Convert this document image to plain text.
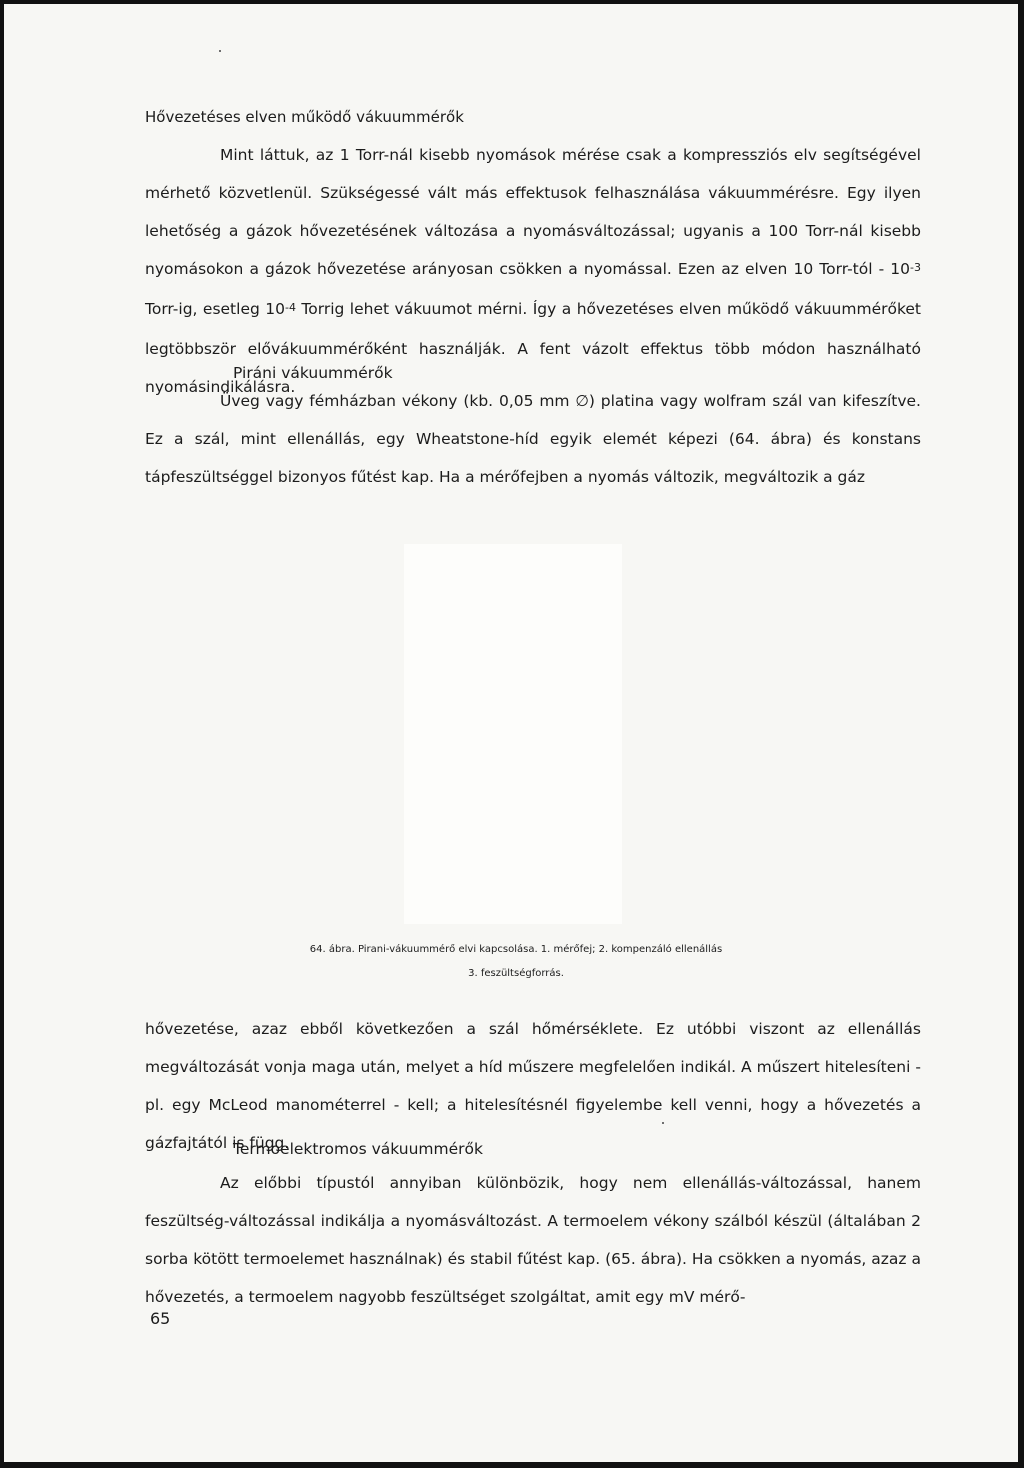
Hővezetéses elven működő vákuummérők

Mint láttuk, az 1 Torr-nál kisebb nyomások mérése csak a kompressziós elv segítségével mérhető közvetlenül. Szükségessé vált más effektusok felhasználása vákuummérésre. Egy ilyen lehetőség a gázok hővezetésének változása a nyomásváltozással; ugyanis a 100 Torr-nál kisebb nyomásokon a gázok hővezetése arányosan csökken a nyomással. Ezen az elven 10 Torr-tól - $10^{-3}$ Torr-ig, esetleg $10^{-4}$ Torrig lehet vákuumot mérni. Így a hővezetéses elven működő vákuummérőket legtöbbször elővákuummérőként használják. A fent vázolt effektus több módon használható nyomásindikálásra.

Piráni vákuummérők

Üveg vagy fémházban vékony (kb. 0,05 mm ∅) platina vagy wolfram szál van kifeszítve. Ez a szál, mint ellenállás, egy Wheatstone-híd egyik elemét képezi (64. ábra) és konstans tápfeszültséggel bizonyos fűtést kap. Ha a mérőfejben a nyomás változik, megváltozik a gáz

64. ábra. Pirani-vákuummérő elvi kapcsolása. 1. mérőfej; 2. kompenzáló ellenállás
3. feszültségforrás.

hővezetése, azaz ebből következően a szál hőmérséklete. Ez utóbbi viszont az ellenállás megváltozását vonja maga után, melyet a híd műszere megfelelően indikál. A műszert hitelesíteni - pl. egy McLeod manométerrel - kell; a hitelesítésnél figyelembe kell venni, hogy a hővezetés a gázfajtától is függ.

Termoelektromos vákuummérők

Az előbbi típustól annyiban különbözik, hogy nem ellenállás-változással, hanem feszültség-változással indikálja a nyomásváltozást. A termoelem vékony szálból készül (általában 2 sorba kötött termoelemet használnak) és stabil fűtést kap. (65. ábra). Ha csökken a nyomás, azaz a hővezetés, a termoelem nagyobb feszültséget szolgáltat, amit egy mV mérő-

65
